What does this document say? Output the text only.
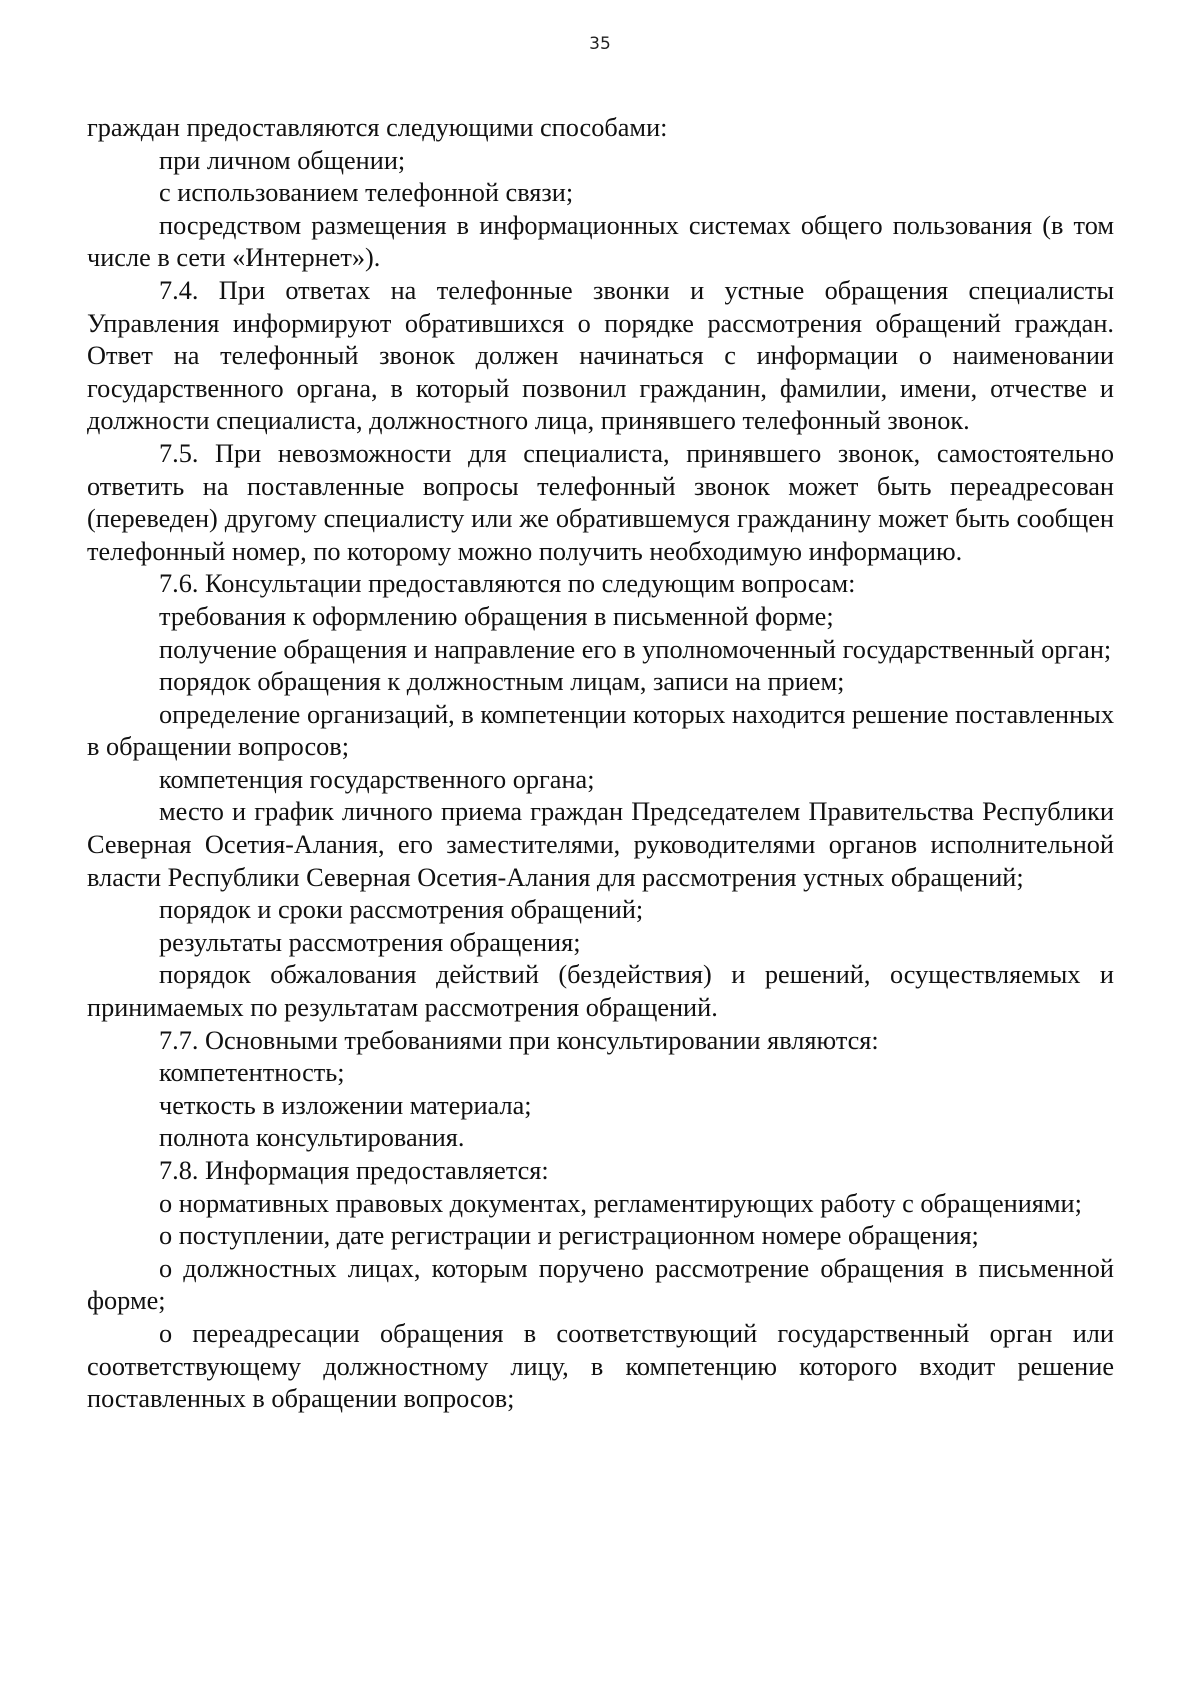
35

граждан предоставляются следующими способами:

при личном общении;

с использованием телефонной связи;

посредством размещения в информационных системах общего пользования (в том числе в сети «Интернет»).

7.4. При ответах на телефонные звонки и устные обращения специалисты Управления информируют обратившихся о порядке рассмотрения обращений граждан. Ответ на телефонный звонок должен начинаться с информации о наименовании государственного органа, в который позвонил гражданин, фамилии, имени, отчестве и должности специалиста, должностного лица, принявшего телефонный звонок.

7.5. При невозможности для специалиста, принявшего звонок, самостоятельно ответить на поставленные вопросы телефонный звонок может быть переадресован (переведен) другому специалисту или же обратившемуся гражданину может быть сообщен телефонный номер, по которому можно получить необходимую информацию.

7.6. Консультации предоставляются по следующим вопросам:

требования к оформлению обращения в письменной форме;

получение обращения и направление его в уполномоченный государственный орган;

порядок обращения к должностным лицам, записи на прием;

определение организаций, в компетенции которых находится решение поставленных в обращении вопросов;

компетенция государственного органа;

место и график личного приема граждан Председателем Правительства Республики Северная Осетия-Алания, его заместителями, руководителями органов исполнительной власти Республики Северная Осетия-Алания для рассмотрения устных обращений;

порядок и сроки рассмотрения обращений;

результаты рассмотрения обращения;

порядок обжалования действий (бездействия) и решений, осуществляемых и принимаемых по результатам рассмотрения обращений.

7.7. Основными требованиями при консультировании являются:

компетентность;

четкость в изложении материала;

полнота консультирования.

7.8. Информация предоставляется:

о нормативных правовых документах, регламентирующих работу с обращениями;

о поступлении, дате регистрации и регистрационном номере обращения;

о должностных лицах, которым поручено рассмотрение обращения в письменной форме;

о переадресации обращения в соответствующий государственный орган или соответствующему должностному лицу, в компетенцию которого входит решение поставленных в обращении вопросов;
